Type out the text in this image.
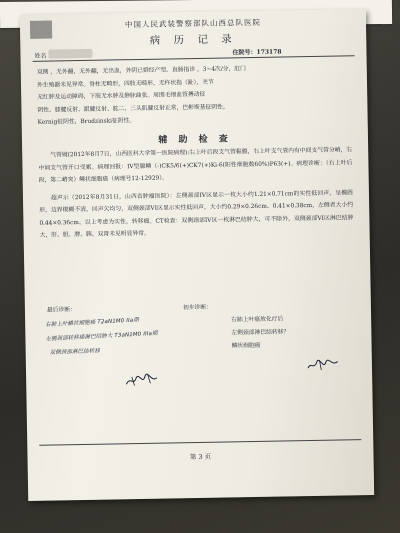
中国人民武装警察部队山西总队医院
病 历 记 录
姓名	住院号：173178
双侧 ，无外翻，无外翻，无出血，外阴已婚经产型。直肠指诊 ，3~4次/分，肛门
外生殖器未见异常。脊柱无畸形，四肢无畸形，无杵状指（趾），关节
无红肿及运动障碍，下肢无水肿及静脉曲张。周围毛细血管搏动征
阴性。膝腱反射、跟腱反射、肱二、三头肌腱反射正常，巴彬斯基征阴性，
Kernig征阴性，Brudzinski征阴性。
辅 助 检 查

气管镜(2012年8月7日，山西医科大学第一医院病理):右上叶后段支气管黏膜，右上叶支气管内有中间支气管分嵴，右中间支气管开口受累。病理回报：IV型腺鳞（-)CK5/6(+)CK7(+)Ki-6(阳性细胞数60%)P63(+)。病理诊断：（右上叶后段，第二嵴突）鳞状细胞癌（病理号12-12929）。

超声示（2012年8月31日，山西省肿瘤医院）：左侧颈部IV区显示一枚大小约1.21×0.71cm的实性低回声，呈椭圆形，边界模糊不清，回声欠均匀，双侧颈部VI区显示实性低回声，大小约0.29×0.26cm、0.41×0.38cm，左侧者大小约0.44×0.36cm，以上考虑为实性，转移瘤。CT检查：双侧颈部IV区一枚淋巴结肿大，可不除外，双侧颈部VI区淋巴结肿大，肝、胆、脾、胰、双肾未见明显异常。

最后诊断：	初步诊断：
右肺上叶鳞状细胞癌 T2aN1M0 IIa期
左侧颈部转移癌淋巴结肿大 T3aN1M0 IIIa期
双侧颈部淋巴结转移
右肺上叶癌放化疗后
左侧颈部淋巴结转移？
鳞状细胞癌
第 3 页
